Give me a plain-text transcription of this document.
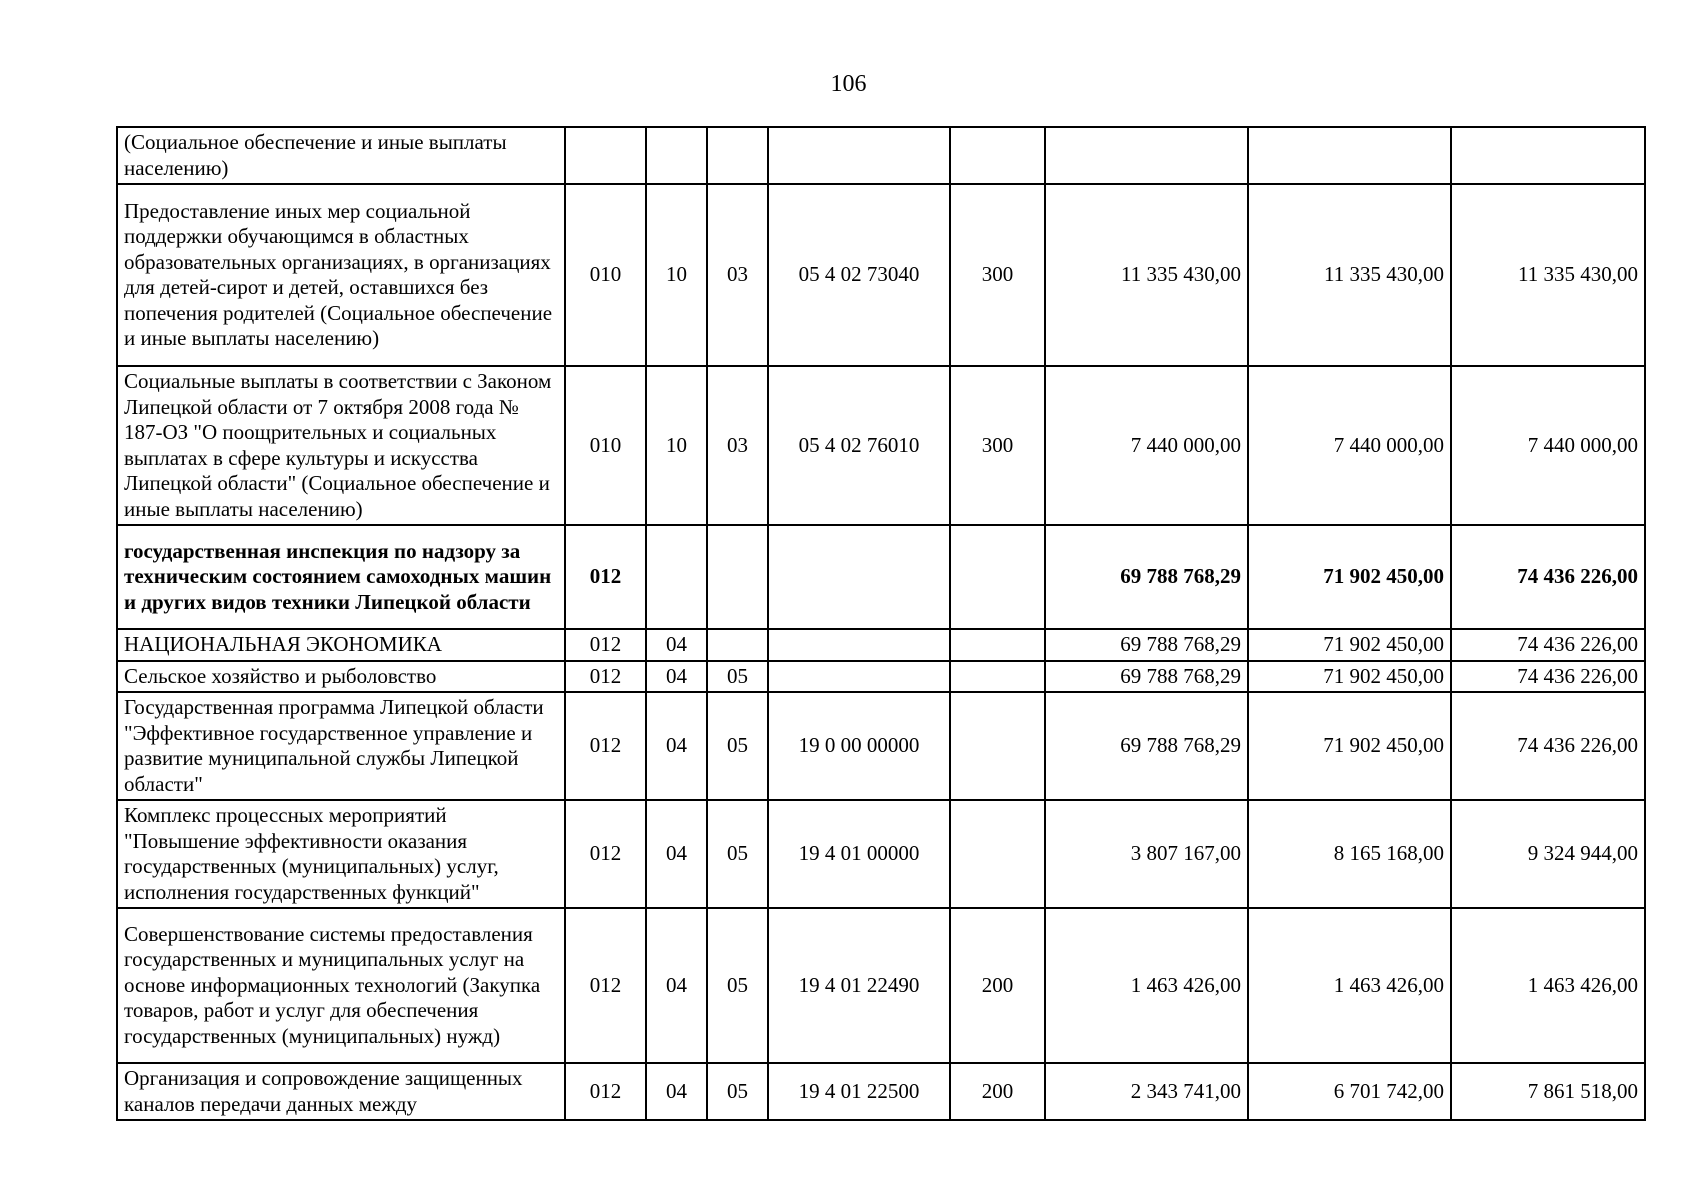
106
(Социальное обеспечение и иные выплаты населению)								
Предоставление иных мер социальной поддержки обучающимся в областных образовательных организациях, в организациях для детей-сирот и детей, оставшихся без попечения родителей (Социальное обеспечение и иные выплаты населению)	010	10	03	05 4 02 73040	300	11 335 430,00	11 335 430,00	11 335 430,00
Социальные выплаты в соответствии с Законом Липецкой области от 7 октября 2008 года № 187-ОЗ "О поощрительных и социальных выплатах в сфере культуры и искусства Липецкой области" (Социальное обеспечение и иные выплаты населению)	010	10	03	05 4 02 76010	300	7 440 000,00	7 440 000,00	7 440 000,00
государственная инспекция по надзору за техническим состоянием самоходных машин и других видов техники Липецкой области	012					69 788 768,29	71 902 450,00	74 436 226,00
НАЦИОНАЛЬНАЯ ЭКОНОМИКА	012	04				69 788 768,29	71 902 450,00	74 436 226,00
Сельское хозяйство и рыболовство	012	04	05			69 788 768,29	71 902 450,00	74 436 226,00
Государственная программа Липецкой области "Эффективное государственное управление и развитие муниципальной службы Липецкой области"	012	04	05	19 0 00 00000		69 788 768,29	71 902 450,00	74 436 226,00
Комплекс процессных мероприятий "Повышение эффективности оказания государственных (муниципальных) услуг, исполнения государственных функций"	012	04	05	19 4 01 00000		3 807 167,00	8 165 168,00	9 324 944,00
Совершенствование системы предоставления государственных и муниципальных услуг на основе информационных технологий (Закупка товаров, работ и услуг для обеспечения государственных (муниципальных) нужд)	012	04	05	19 4 01 22490	200	1 463 426,00	1 463 426,00	1 463 426,00
Организация и сопровождение защищенных каналов передачи данных между	012	04	05	19 4 01 22500	200	2 343 741,00	6 701 742,00	7 861 518,00
